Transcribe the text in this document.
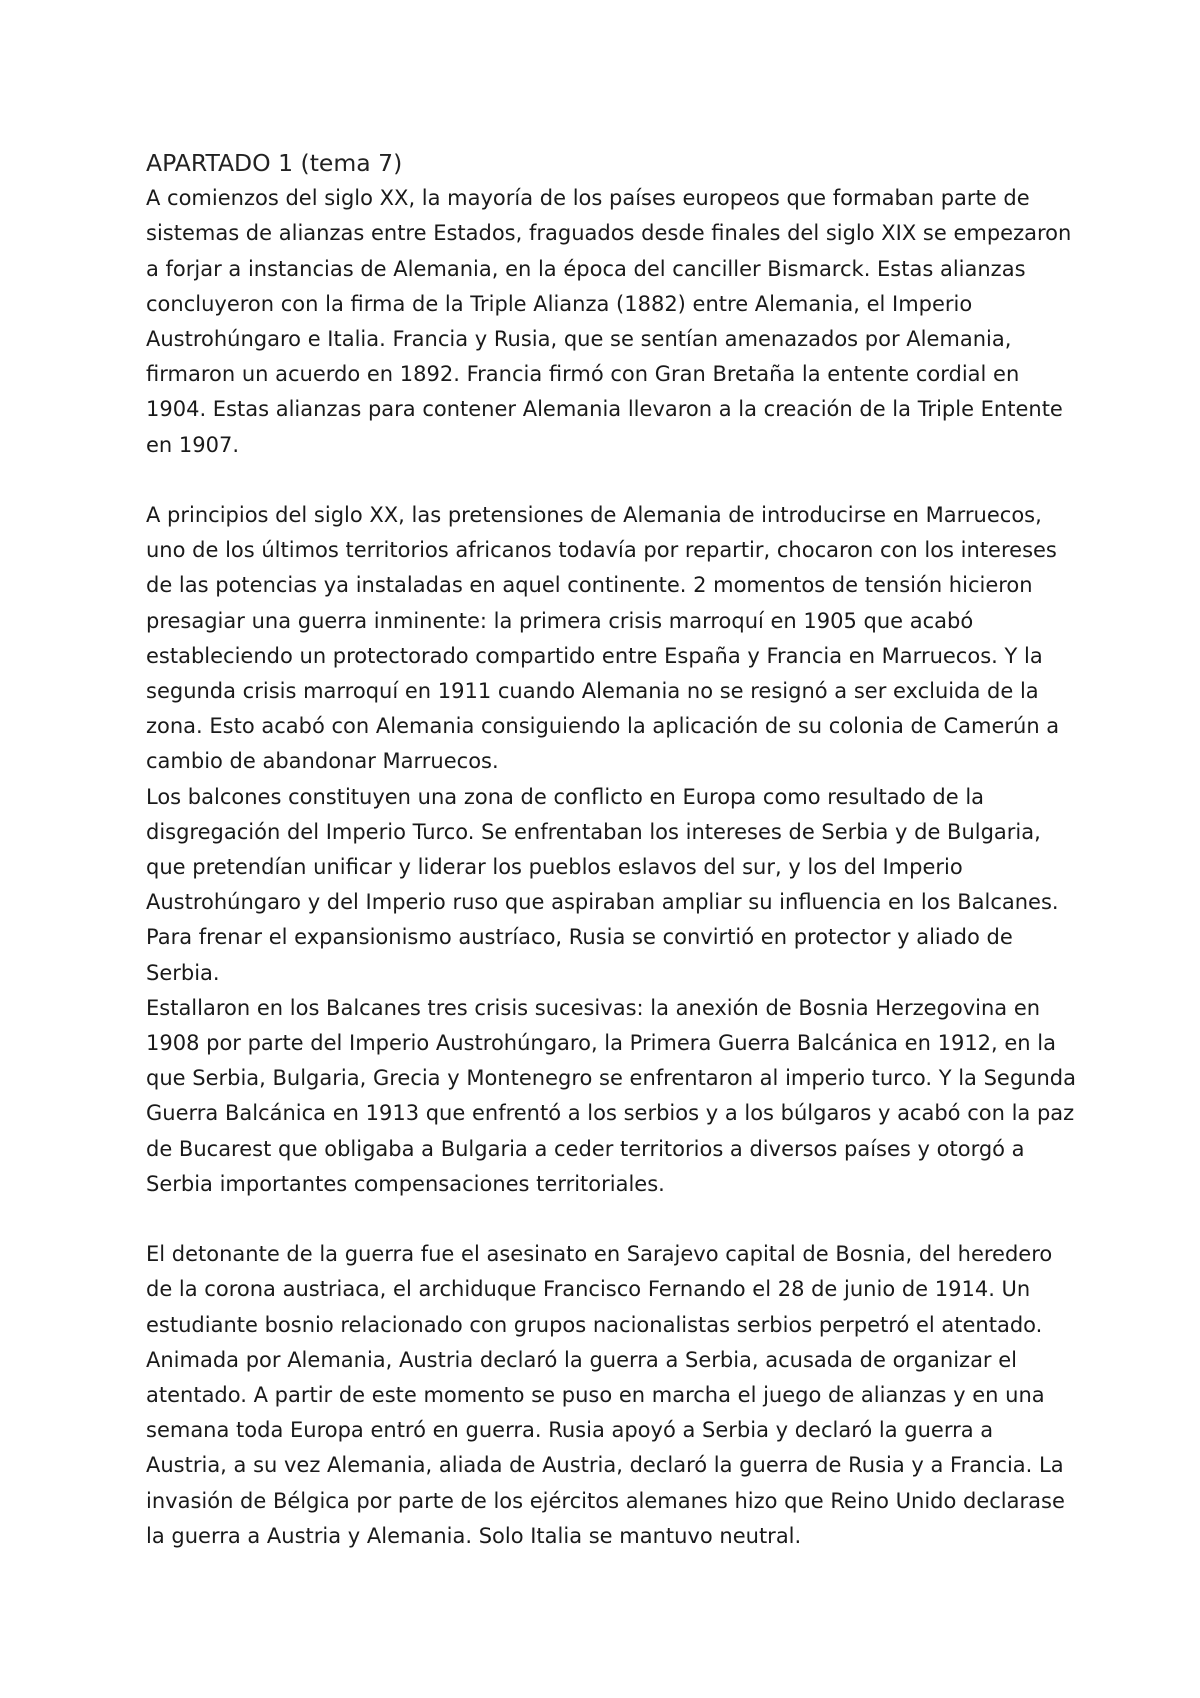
APARTADO 1 (tema 7)

A comienzos del siglo XX, la mayoría de los países europeos que formaban parte de sistemas de alianzas entre Estados, fraguados desde finales del siglo XIX se empezaron a forjar a instancias de Alemania, en la época del canciller Bismarck. Estas alianzas concluyeron con la firma de la Triple Alianza (1882) entre Alemania, el Imperio Austrohúngaro e Italia. Francia y Rusia, que se sentían amenazados por Alemania, firmaron un acuerdo en 1892. Francia firmó con Gran Bretaña la entente cordial en 1904. Estas alianzas para contener Alemania llevaron a la creación de la Triple Entente en 1907.

A principios del siglo XX, las pretensiones de Alemania de introducirse en Marruecos, uno de los últimos territorios africanos todavía por repartir, chocaron con los intereses de las potencias ya instaladas en aquel continente. 2 momentos de tensión hicieron presagiar una guerra inminente: la primera crisis marroquí en 1905 que acabó estableciendo un protectorado compartido entre España y Francia en Marruecos. Y la segunda crisis marroquí en 1911 cuando Alemania no se resignó a ser excluida de la zona. Esto acabó con Alemania consiguiendo la aplicación de su colonia de Camerún a cambio de abandonar Marruecos.

Los balcones constituyen una zona de conflicto en Europa como resultado de la disgregación del Imperio Turco. Se enfrentaban los intereses de Serbia y de Bulgaria, que pretendían unificar y liderar los pueblos eslavos del sur, y los del Imperio Austrohúngaro y del Imperio ruso que aspiraban ampliar su influencia en los Balcanes. Para frenar el expansionismo austríaco, Rusia se convirtió en protector y aliado de Serbia.

Estallaron en los Balcanes tres crisis sucesivas: la anexión de Bosnia Herzegovina en 1908 por parte del Imperio Austrohúngaro, la Primera Guerra Balcánica en 1912, en la que Serbia, Bulgaria, Grecia y Montenegro se enfrentaron al imperio turco. Y la Segunda Guerra Balcánica en 1913 que enfrentó a los serbios y a los búlgaros y acabó con la paz de Bucarest que obligaba a Bulgaria a ceder territorios a diversos países y otorgó a Serbia importantes compensaciones territoriales.

El detonante de la guerra fue el asesinato en Sarajevo capital de Bosnia, del heredero de la corona austriaca, el archiduque Francisco Fernando el 28 de junio de 1914. Un estudiante bosnio relacionado con grupos nacionalistas serbios perpetró el atentado. Animada por Alemania, Austria declaró la guerra a Serbia, acusada de organizar el atentado. A partir de este momento se puso en marcha el juego de alianzas y en una semana toda Europa entró en guerra. Rusia apoyó a Serbia y declaró la guerra a Austria, a su vez Alemania, aliada de Austria, declaró la guerra de Rusia y a Francia. La invasión de Bélgica por parte de los ejércitos alemanes hizo que Reino Unido declarase la guerra a Austria y Alemania. Solo Italia se mantuvo neutral.
